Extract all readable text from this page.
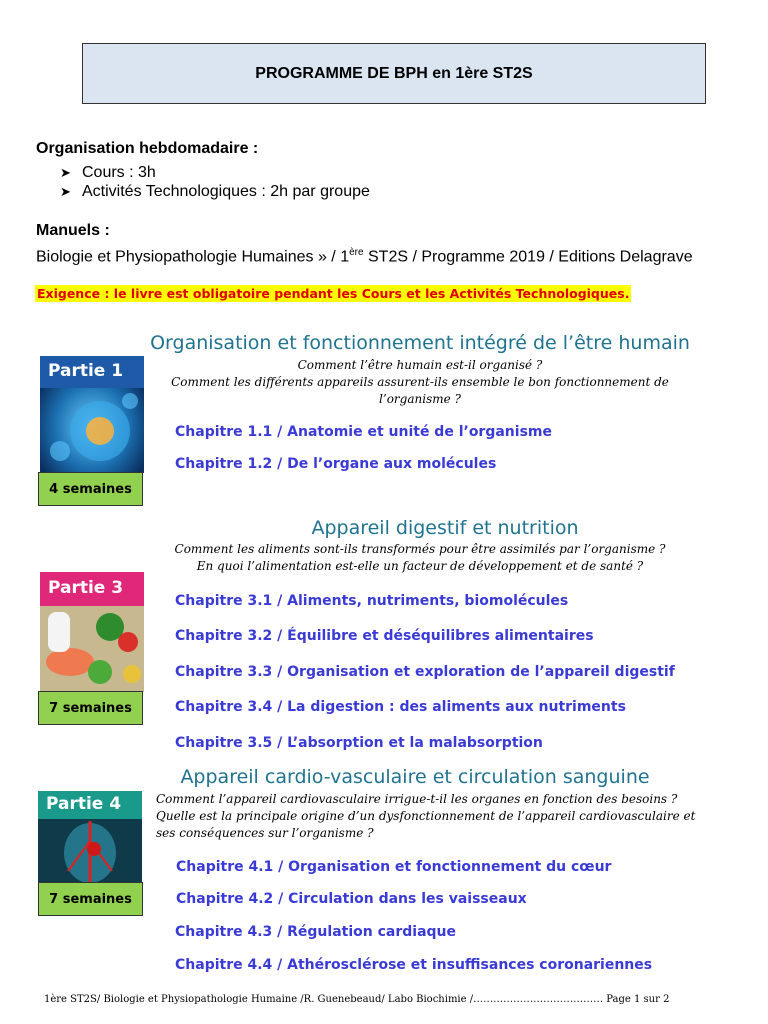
PROGRAMME DE BPH en 1ère ST2S
Organisation hebdomadaire :
➤ Cours : 3h
➤ Activités Technologiques : 2h par groupe
Manuels :
Biologie et Physiopathologie Humaines » / 1ère ST2S / Programme 2019 / Editions Delagrave
Exigence : le livre est obligatoire pendant les Cours et les Activités Technologiques.
Organisation et fonctionnement intégré de l’être humain
Comment l’être humain est-il organisé ?
Comment les différents appareils assurent-ils ensemble le bon fonctionnement de l’organisme ?
Partie 1
4 semaines
Chapitre 1.1 / Anatomie et unité de l’organisme
Chapitre 1.2 / De l’organe aux molécules
Appareil digestif et nutrition
Comment les aliments sont-ils transformés pour être assimilés par l’organisme ?
En quoi l’alimentation est-elle un facteur de développement et de santé ?
Partie 3
7 semaines
Chapitre 3.1 / Aliments, nutriments, biomolécules
Chapitre 3.2 / Équilibre et déséquilibres alimentaires
Chapitre 3.3 / Organisation et exploration de l’appareil digestif
Chapitre 3.4 / La digestion : des aliments aux nutriments
Chapitre 3.5 / L’absorption et la malabsorption
Appareil cardio-vasculaire et circulation sanguine
Comment l’appareil cardiovasculaire irrigue-t-il les organes en fonction des besoins ?
Quelle est la principale origine d’un dysfonctionnement de l’appareil cardiovasculaire et ses conséquences sur l’organisme ?
Partie 4
7 semaines
Chapitre 4.1 / Organisation et fonctionnement du cœur
Chapitre 4.2 / Circulation dans les vaisseaux
Chapitre 4.3 / Régulation cardiaque
Chapitre 4.4 / Athérosclérose et insuffisances coronariennes
1ère ST2S/ Biologie et Physiopathologie Humaine /R. Guenebeaud/ Labo Biochimie /………………………………… Page 1 sur 2
